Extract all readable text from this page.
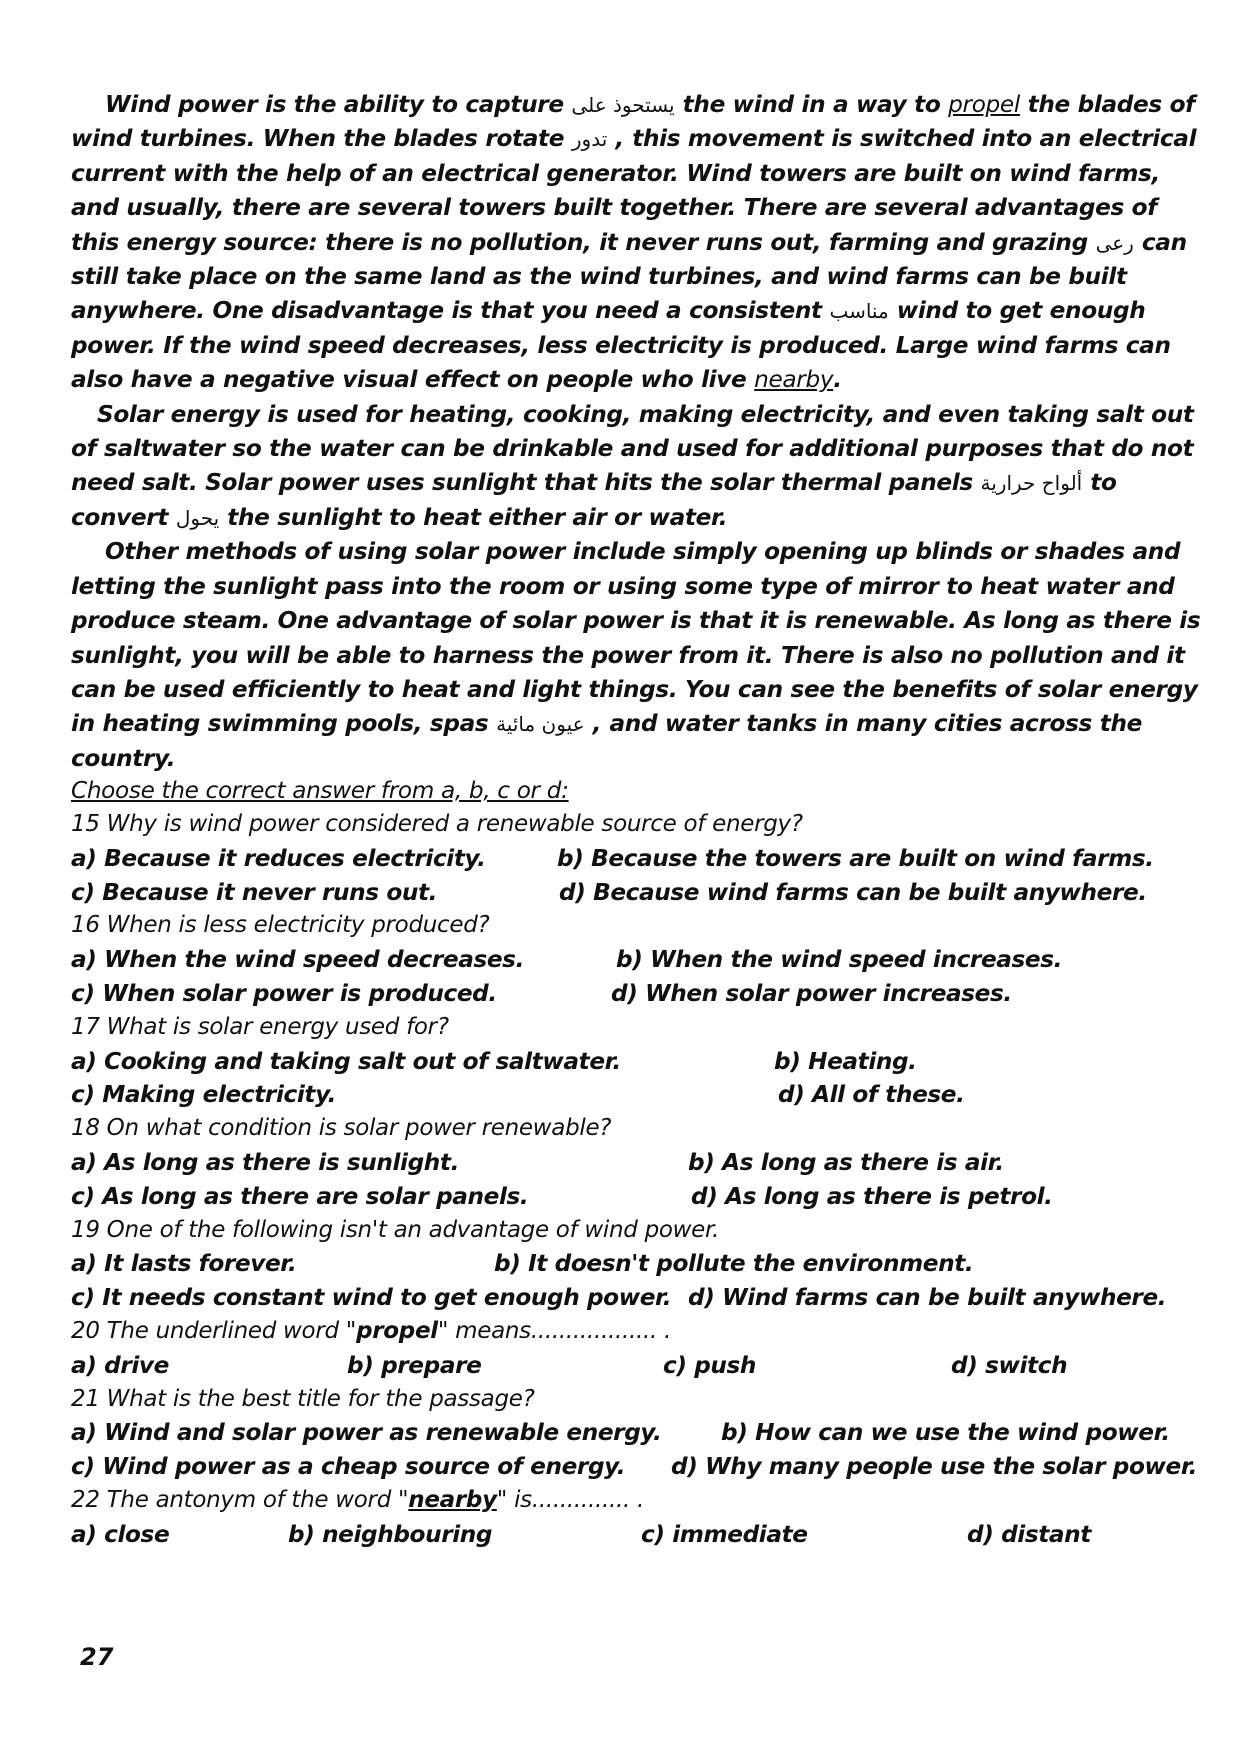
Wind power is the ability to capture يستحوذ على the wind in a way to propel the blades of wind turbines. When the blades rotate تدور , this movement is switched into an electrical current with the help of an electrical generator. Wind towers are built on wind farms, and usually, there are several towers built together. There are several advantages of this energy source: there is no pollution, it never runs out, farming and grazing رعى can still take place on the same land as the wind turbines, and wind farms can be built anywhere. One disadvantage is that you need a consistent مناسب wind to get enough power. If the wind speed decreases, less electricity is produced. Large wind farms can also have a negative visual effect on people who live nearby.

Solar energy is used for heating, cooking, making electricity, and even taking salt out of saltwater so the water can be drinkable and used for additional purposes that do not need salt. Solar power uses sunlight that hits the solar thermal panels ألواح حرارية to convert يحول the sunlight to heat either air or water.

Other methods of using solar power include simply opening up blinds or shades and letting the sunlight pass into the room or using some type of mirror to heat water and produce steam. One advantage of solar power is that it is renewable. As long as there is sunlight, you will be able to harness the power from it. There is also no pollution and it can be used efficiently to heat and light things. You can see the benefits of solar energy in heating swimming pools, spas عيون مائية , and water tanks in many cities across the country.

Choose the correct answer from a, b, c or d:
15 Why is wind power considered a renewable source of energy?
a) Because it reduces electricity.	b) Because the towers are built on wind farms.
c) Because it never runs out.	d) Because wind farms can be built anywhere.
16 When is less electricity produced?
a) When the wind speed decreases.	b) When the wind speed increases.
c) When solar power is produced.	d) When solar power increases.
17 What is solar energy used for?
a) Cooking and taking salt out of saltwater.	b) Heating.
c) Making electricity.	d) All of these.
18 On what condition is solar power renewable?
a) As long as there is sunlight.	b) As long as there is air.
c) As long as there are solar panels.	d) As long as there is petrol.
19 One of the following isn't an advantage of wind power.
a) It lasts forever.	b) It doesn't pollute the environment.
c) It needs constant wind to get enough power. d) Wind farms can be built anywhere.
20 The underlined word "propel" means.................. .
a) drive	b) prepare	c) push	d) switch
21 What is the best title for the passage?
a) Wind and solar power as renewable energy.	b) How can we use the wind power.
c) Wind power as a cheap source of energy. d) Why many people use the solar power.
22 The antonym of the word "nearby" is.............. .
a) close	b) neighbouring	c) immediate	d) distant
27
